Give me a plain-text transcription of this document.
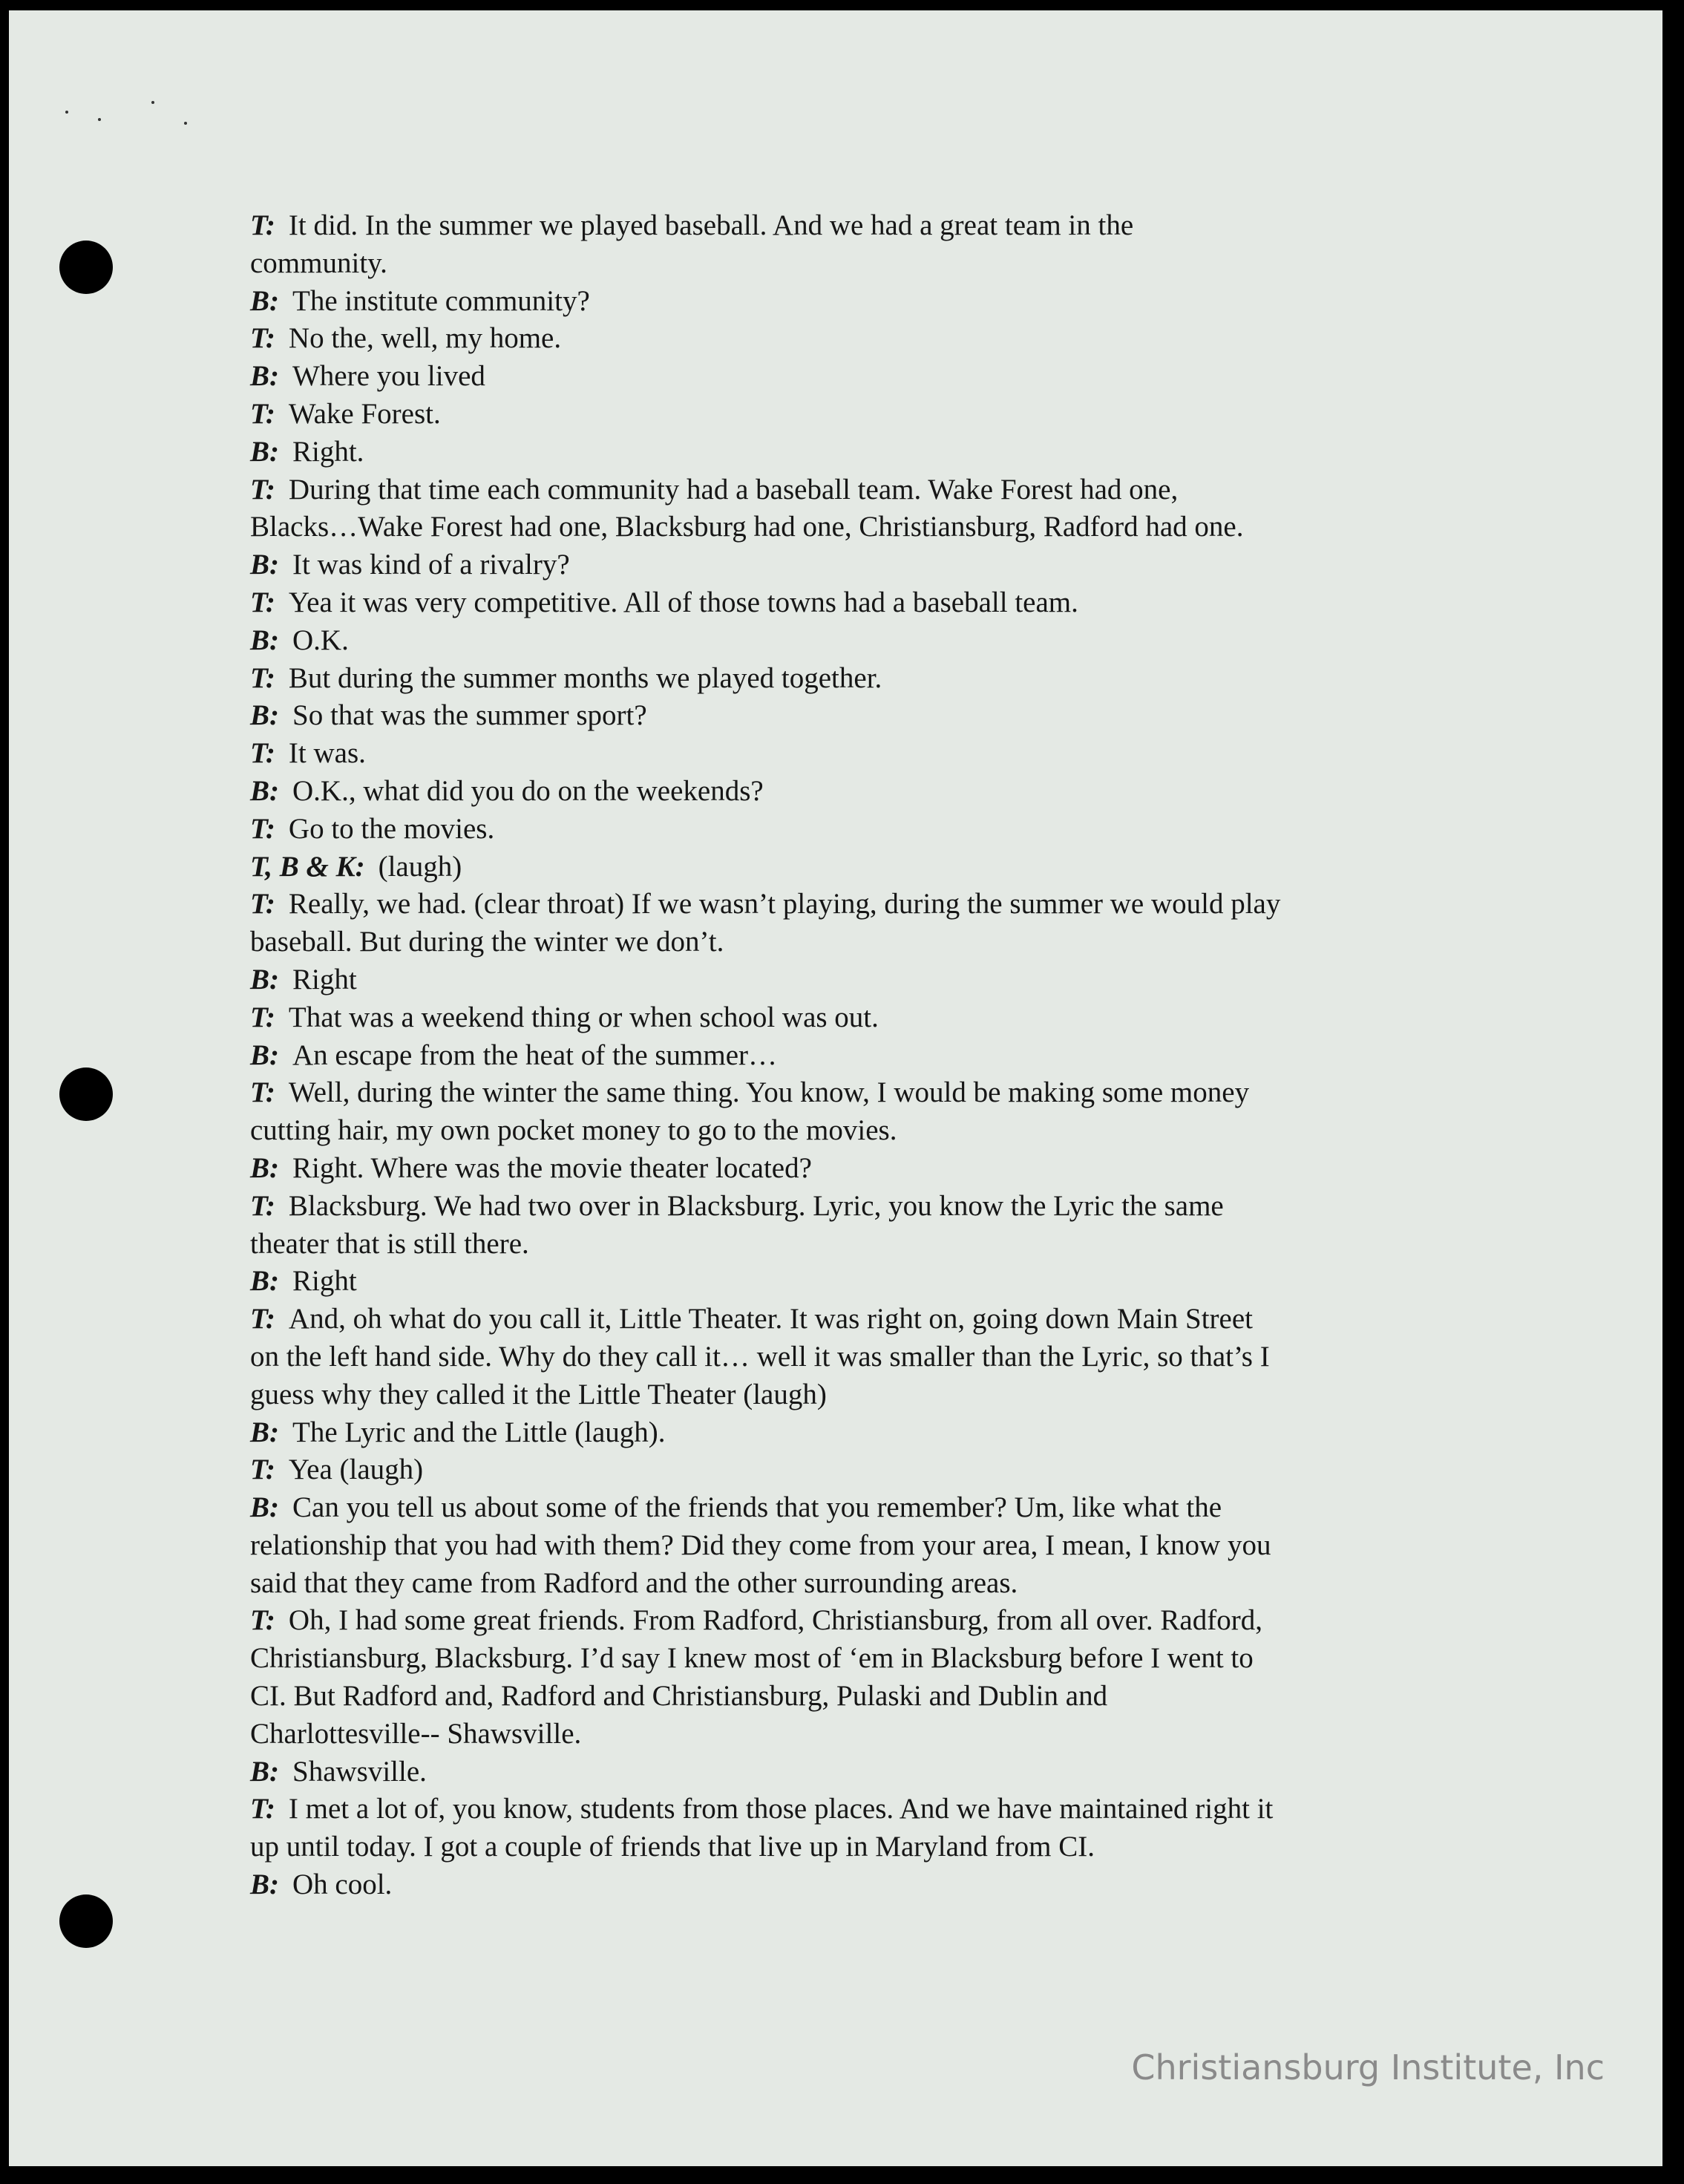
T: It did. In the summer we played baseball. And we had a great team in the
community.
B: The institute community?
T: No the, well, my home.
B: Where you lived
T: Wake Forest.
B: Right.
T: During that time each community had a baseball team. Wake Forest had one,
Blacks…Wake Forest had one, Blacksburg had one, Christiansburg, Radford had one.
B: It was kind of a rivalry?
T: Yea it was very competitive. All of those towns had a baseball team.
B: O.K.
T: But during the summer months we played together.
B: So that was the summer sport?
T: It was.
B: O.K., what did you do on the weekends?
T: Go to the movies.
T, B & K: (laugh)
T: Really, we had. (clear throat) If we wasn’t playing, during the summer we would play
baseball. But during the winter we don’t.
B: Right
T: That was a weekend thing or when school was out.
B: An escape from the heat of the summer…
T: Well, during the winter the same thing. You know, I would be making some money
cutting hair, my own pocket money to go to the movies.
B: Right. Where was the movie theater located?
T: Blacksburg. We had two over in Blacksburg. Lyric, you know the Lyric the same
theater that is still there.
B: Right
T: And, oh what do you call it, Little Theater. It was right on, going down Main Street
on the left hand side. Why do they call it… well it was smaller than the Lyric, so that’s I
guess why they called it the Little Theater (laugh)
B: The Lyric and the Little (laugh).
T: Yea (laugh)
B: Can you tell us about some of the friends that you remember? Um, like what the
relationship that you had with them? Did they come from your area, I mean, I know you
said that they came from Radford and the other surrounding areas.
T: Oh, I had some great friends. From Radford, Christiansburg, from all over. Radford,
Christiansburg, Blacksburg. I’d say I knew most of ‘em in Blacksburg before I went to
CI. But Radford and, Radford and Christiansburg, Pulaski and Dublin and
Charlottesville-- Shawsville.
B: Shawsville.
T: I met a lot of, you know, students from those places. And we have maintained right it
up until today. I got a couple of friends that live up in Maryland from CI.
B: Oh cool.
Christiansburg Institute, Inc
